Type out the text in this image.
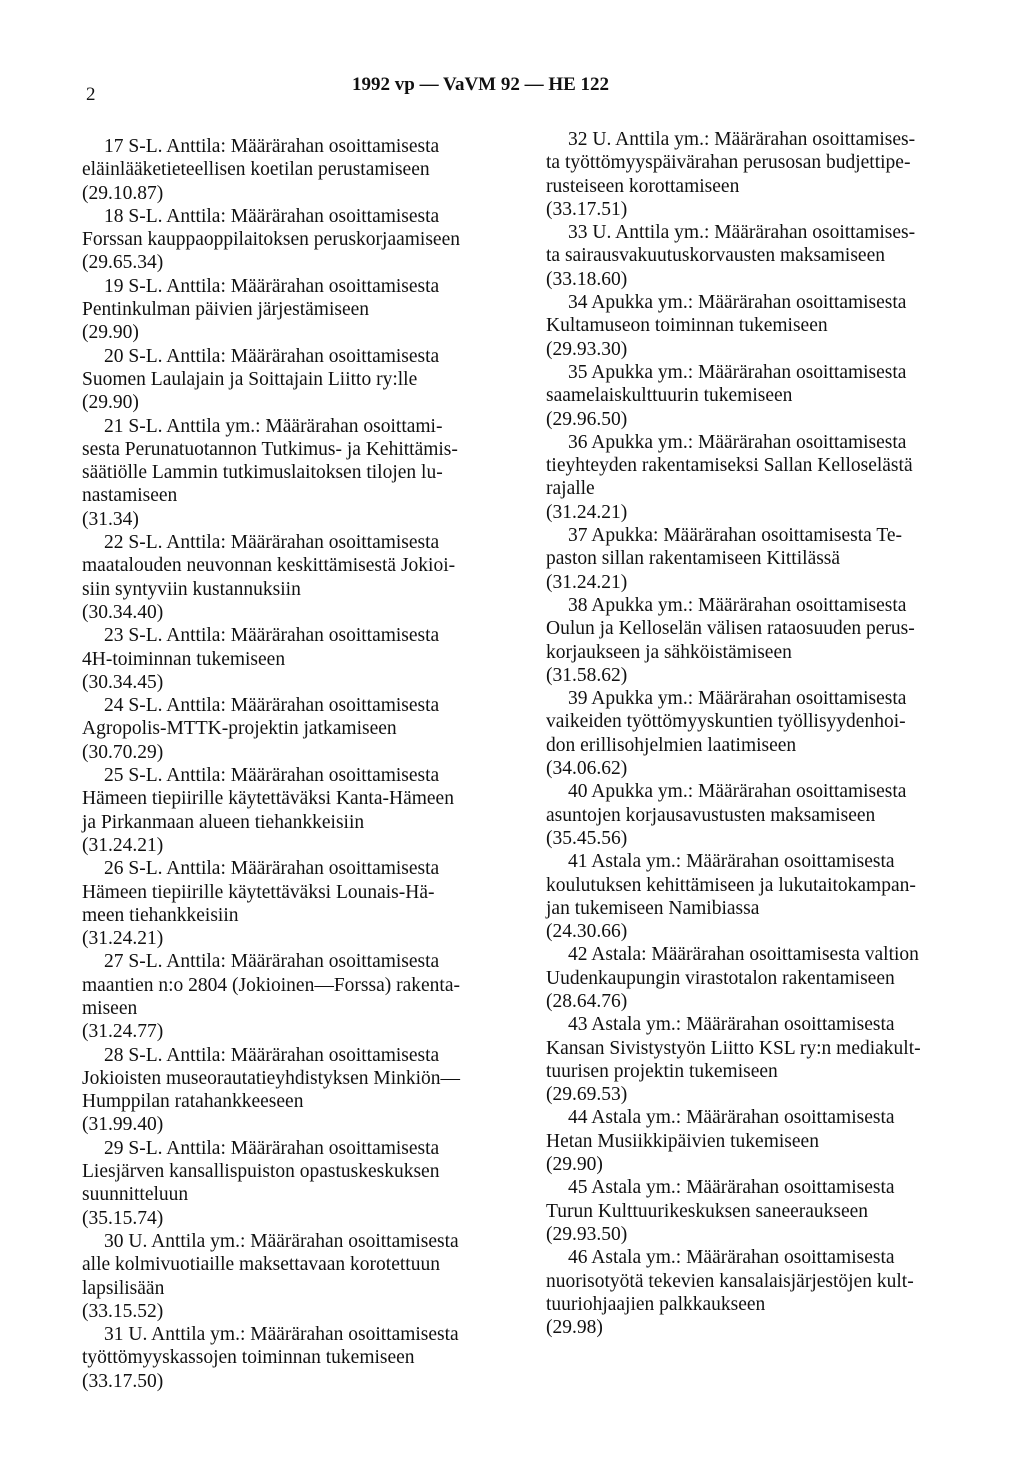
2	1992 vp — VaVM 92 — HE 122

17 S-L. Anttila: Määrärahan osoittamisesta

eläinlääketieteellisen koetilan perustamiseen

(29.10.87)

18 S-L. Anttila: Määrärahan osoittamisesta

Forssan kauppaoppilaitoksen peruskorjaamiseen

(29.65.34)

19 S-L. Anttila: Määrärahan osoittamisesta

Pentinkulman päivien järjestämiseen

(29.90)

20 S-L. Anttila: Määrärahan osoittamisesta

Suomen Laulajain ja Soittajain Liitto ry:lle

(29.90)

21 S-L. Anttila ym.: Määrärahan osoittami-

sesta Perunatuotannon Tutkimus- ja Kehittämis-

säätiölle Lammin tutkimuslaitoksen tilojen lu-

nastamiseen

(31.34)

22 S-L. Anttila: Määrärahan osoittamisesta

maatalouden neuvonnan keskittämisestä Jokioi-

siin syntyviin kustannuksiin

(30.34.40)

23 S-L. Anttila: Määrärahan osoittamisesta

4H-toiminnan tukemiseen

(30.34.45)

24 S-L. Anttila: Määrärahan osoittamisesta

Agropolis-MTTK-projektin jatkamiseen

(30.70.29)

25 S-L. Anttila: Määrärahan osoittamisesta

Hämeen tiepiirille käytettäväksi Kanta-Hämeen

ja Pirkanmaan alueen tiehankkeisiin

(31.24.21)

26 S-L. Anttila: Määrärahan osoittamisesta

Hämeen tiepiirille käytettäväksi Lounais-Hä-

meen tiehankkeisiin

(31.24.21)

27 S-L. Anttila: Määrärahan osoittamisesta

maantien n:o 2804 (Jokioinen—Forssa) rakenta-

miseen

(31.24.77)

28 S-L. Anttila: Määrärahan osoittamisesta

Jokioisten museorautatieyhdistyksen Minkiön—

Humppilan ratahankkeeseen

(31.99.40)

29 S-L. Anttila: Määrärahan osoittamisesta

Liesjärven kansallispuiston opastuskeskuksen

suunnitteluun

(35.15.74)

30 U. Anttila ym.: Määrärahan osoittamisesta

alle kolmivuotiaille maksettavaan korotettuun

lapsilisään

(33.15.52)

31 U. Anttila ym.: Määrärahan osoittamisesta

työttömyyskassojen toiminnan tukemiseen

(33.17.50)

32 U. Anttila ym.: Määrärahan osoittamises-

ta työttömyyspäivärahan perusosan budjettipe-

rusteiseen korottamiseen

(33.17.51)

33 U. Anttila ym.: Määrärahan osoittamises-

ta sairausvakuutuskorvausten maksamiseen

(33.18.60)

34 Apukka ym.: Määrärahan osoittamisesta

Kultamuseon toiminnan tukemiseen

(29.93.30)

35 Apukka ym.: Määrärahan osoittamisesta

saamelaiskulttuurin tukemiseen

(29.96.50)

36 Apukka ym.: Määrärahan osoittamisesta

tieyhteyden rakentamiseksi Sallan Kelloselästä

rajalle

(31.24.21)

37 Apukka: Määrärahan osoittamisesta Te-

paston sillan rakentamiseen Kittilässä

(31.24.21)

38 Apukka ym.: Määrärahan osoittamisesta

Oulun ja Kelloselän välisen rataosuuden perus-

korjaukseen ja sähköistämiseen

(31.58.62)

39 Apukka ym.: Määrärahan osoittamisesta

vaikeiden työttömyyskuntien työllisyydenhoi-

don erillisohjelmien laatimiseen

(34.06.62)

40 Apukka ym.: Määrärahan osoittamisesta

asuntojen korjausavustusten maksamiseen

(35.45.56)

41 Astala ym.: Määrärahan osoittamisesta

koulutuksen kehittämiseen ja lukutaitokampan-

jan tukemiseen Namibiassa

(24.30.66)

42 Astala: Määrärahan osoittamisesta valtion

Uudenkaupungin virastotalon rakentamiseen

(28.64.76)

43 Astala ym.: Määrärahan osoittamisesta

Kansan Sivistystyön Liitto KSL ry:n mediakult-

tuurisen projektin tukemiseen

(29.69.53)

44 Astala ym.: Määrärahan osoittamisesta

Hetan Musiikkipäivien tukemiseen

(29.90)

45 Astala ym.: Määrärahan osoittamisesta

Turun Kulttuurikeskuksen saneeraukseen

(29.93.50)

46 Astala ym.: Määrärahan osoittamisesta

nuorisotyötä tekevien kansalaisjärjestöjen kult-

tuuriohjaajien palkkaukseen

(29.98)
